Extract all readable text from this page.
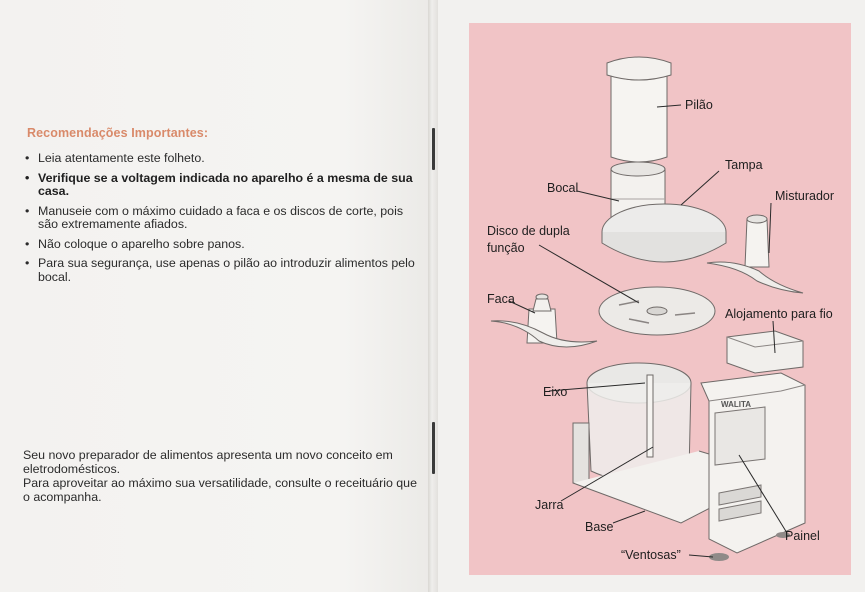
Recomendações Importantes:
• Leia atentamente este folheto.
• Verifique se a voltagem indicada no aparelho é a mesma de sua casa.
• Manuseie com o máximo cuidado a faca e os discos de corte, pois são extremamente afiados.
• Não coloque o aparelho sobre panos.
• Para sua segurança, use apenas o pilão ao introduzir alimentos pelo bocal.

Seu novo preparador de alimentos apresenta um novo conceito em eletrodomésticos.

Para aproveitar ao máximo sua versatilidade, consulte o receituário que o acompanha.

WALITA
Pilão
Tampa
Bocal
Misturador
Disco de dupla
função
Faca
Alojamento para fio
Eixo
Jarra
Base
Painel
“Ventosas”
